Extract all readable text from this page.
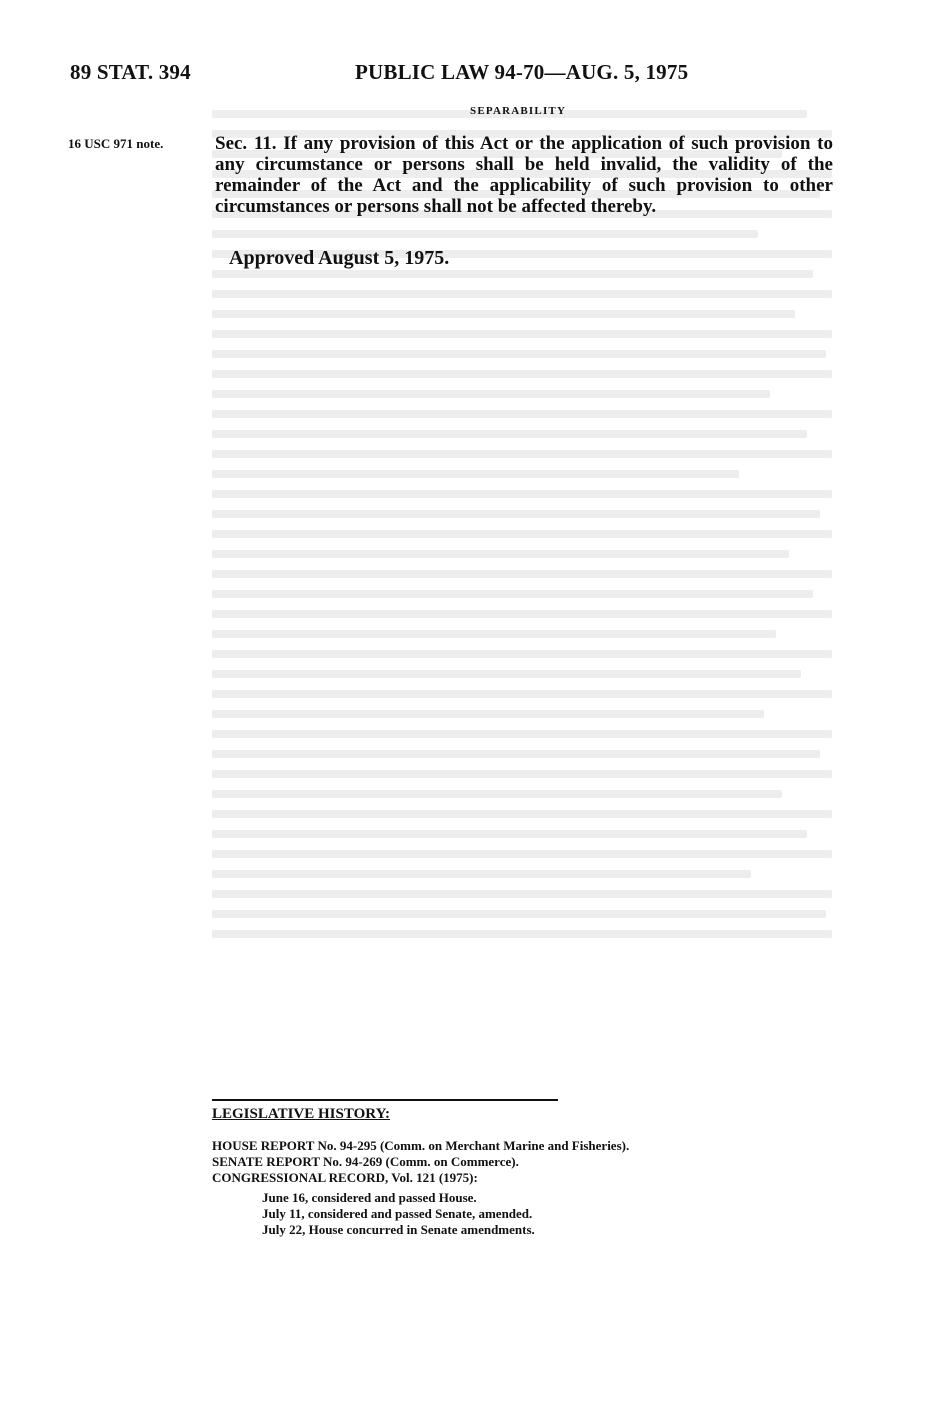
89 STAT. 394	PUBLIC LAW 94-70—AUG. 5, 1975
SEPARABILITY
16 USC 971 note.	Sec. 11. If any provision of this Act or the application of such provision to any circumstance or persons shall be held invalid, the validity of the remainder of the Act and the applicability of such provision to other circumstances or persons shall not be affected thereby.
Approved August 5, 1975.
LEGISLATIVE HISTORY:
HOUSE REPORT No. 94-295 (Comm. on Merchant Marine and Fisheries).
SENATE REPORT No. 94-269 (Comm. on Commerce).
CONGRESSIONAL RECORD, Vol. 121 (1975):
June 16, considered and passed House.
July 11, considered and passed Senate, amended.
July 22, House concurred in Senate amendments.
